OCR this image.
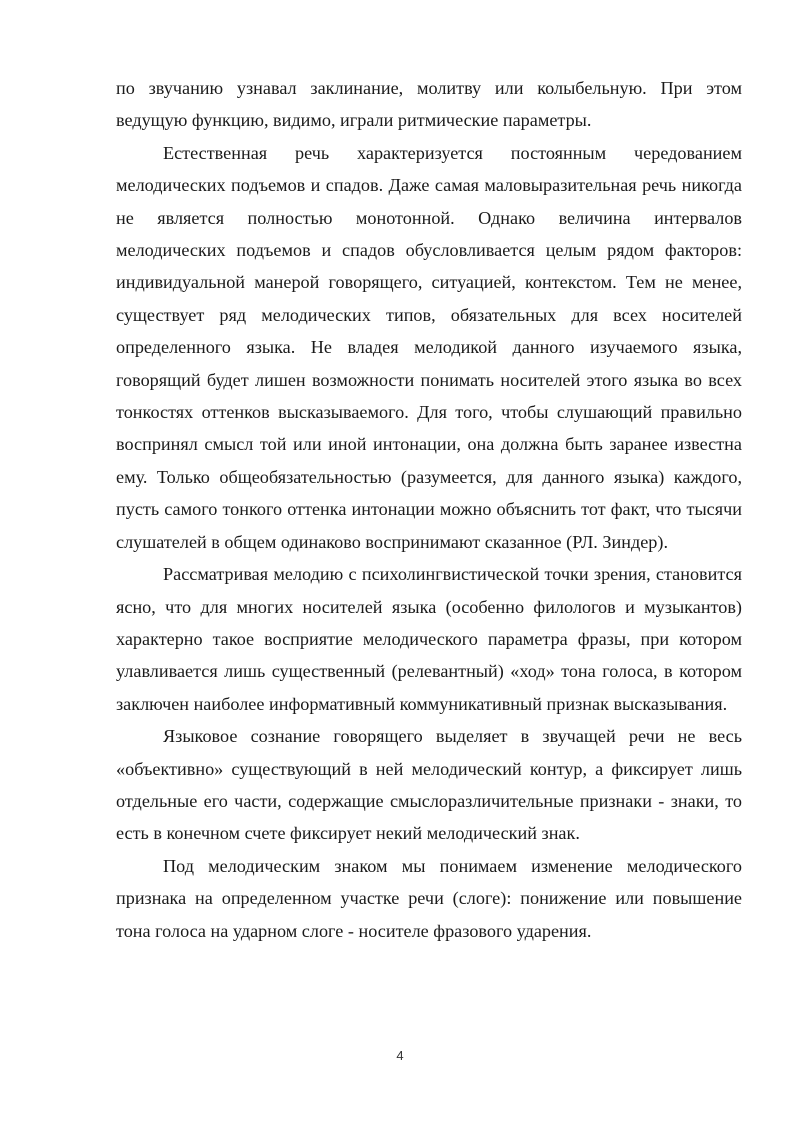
по звучанию узнавал заклинание, молитву или колыбельную. При этом ведущую функцию, видимо, играли ритмические параметры.

Естественная речь характеризуется постоянным чередованием мелодических подъемов и спадов. Даже самая маловыразительная речь никогда не является полностью монотонной. Однако величина интервалов мелодических подъемов и спадов обусловливается целым рядом факторов: индивидуальной манерой говорящего, ситуацией, контекстом. Тем не менее, существует ряд мелодических типов, обязательных для всех носителей определенного языка. Не владея мелодикой данного изучаемого языка, говорящий будет лишен возможности понимать носителей этого языка во всех тонкостях оттенков высказываемого. Для того, чтобы слушающий правильно воспринял смысл той или иной интонации, она должна быть заранее известна ему. Только общеобязательностью (разумеется, для данного языка) каждого, пусть самого тонкого оттенка интонации можно объяснить тот факт, что тысячи слушателей в общем одинаково воспринимают сказанное (РЛ. Зиндер).

Рассматривая мелодию с психолингвистической точки зрения, становится ясно, что для многих носителей языка (особенно филологов и музыкантов) характерно такое восприятие мелодического параметра фразы, при котором улавливается лишь существенный (релевантный) «ход» тона голоса, в котором заключен наиболее информативный коммуникативный признак высказывания.

Языковое сознание говорящего выделяет в звучащей речи не весь «объективно» существующий в ней мелодический контур, а фиксирует лишь отдельные его части, содержащие смыслоразличительные признаки - знаки, то есть в конечном счете фиксирует некий мелодический знак.

Под мелодическим знаком мы понимаем изменение мелодического признака на определенном участке речи (слоге): понижение или повышение тона голоса на ударном слоге - носителе фразового ударения.

4
